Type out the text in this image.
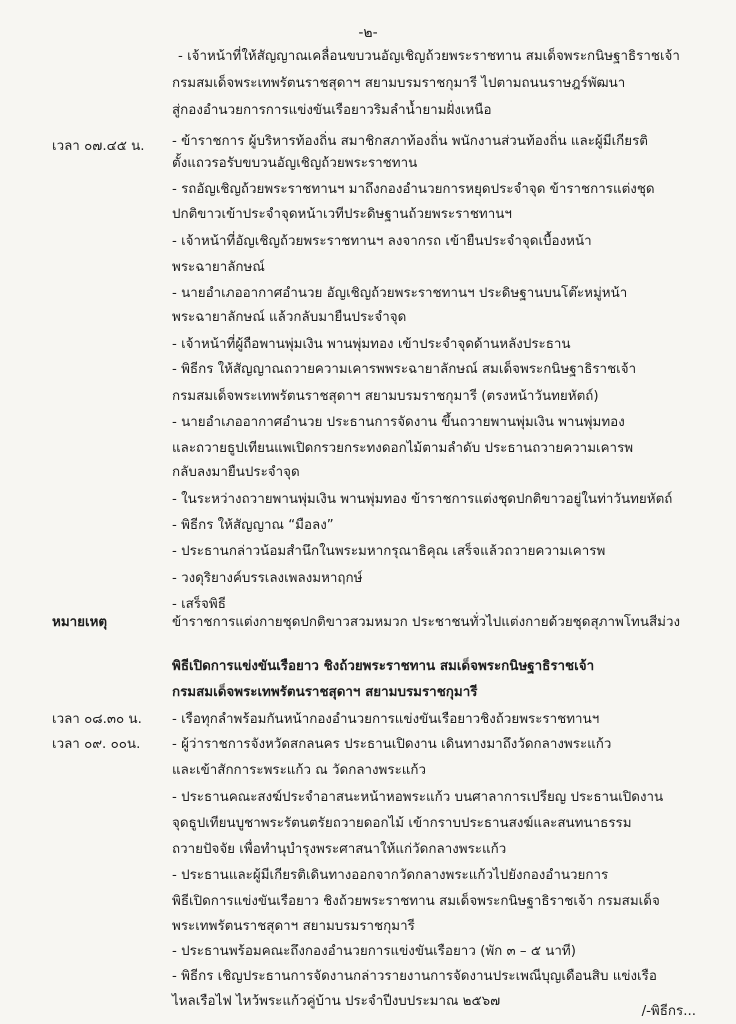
-๒-
- เจ้าหน้าที่ให้สัญญาณเคลื่อนขบวนอัญเชิญถ้วยพระราชทาน สมเด็จพระกนิษฐาธิราชเจ้า
กรมสมเด็จพระเทพรัตนราชสุดาฯ สยามบรมราชกุมารี ไปตามถนนราษฎร์พัฒนา
สู่กองอำนวยการการแข่งขันเรือยาวริมลำน้ำยามฝั่งเหนือ
เวลา ๐๗.๔๕ น. - ข้าราชการ ผู้บริหารท้องถิ่น สมาชิกสภาท้องถิ่น พนักงานส่วนท้องถิ่น และผู้มีเกียรติ
ตั้งแถวรอรับขบวนอัญเชิญถ้วยพระราชทาน
- รถอัญเชิญถ้วยพระราชทานฯ มาถึงกองอำนวยการหยุดประจำจุด ข้าราชการแต่งชุด
ปกติขาวเข้าประจำจุดหน้าเวทีประดิษฐานถ้วยพระราชทานฯ
- เจ้าหน้าที่อัญเชิญถ้วยพระราชทานฯ ลงจากรถ เข้ายืนประจำจุดเบื้องหน้า
พระฉายาลักษณ์
- นายอำเภออากาศอำนวย อัญเชิญถ้วยพระราชทานฯ ประดิษฐานบนโต๊ะหมู่หน้า
พระฉายาลักษณ์ แล้วกลับมายืนประจำจุด
- เจ้าหน้าที่ผู้ถือพานพุ่มเงิน พานพุ่มทอง เข้าประจำจุดด้านหลังประธาน
- พิธีกร ให้สัญญาณถวายความเคารพพระฉายาลักษณ์ สมเด็จพระกนิษฐาธิราชเจ้า
กรมสมเด็จพระเทพรัตนราชสุดาฯ สยามบรมราชกุมารี (ตรงหน้าวันทยหัตถ์)
- นายอำเภออากาศอำนวย ประธานการจัดงาน ขึ้นถวายพานพุ่มเงิน พานพุ่มทอง
และถวายธูปเทียนแพเปิดกรวยกระทงดอกไม้ตามลำดับ ประธานถวายความเคารพ
กลับลงมายืนประจำจุด
- ในระหว่างถวายพานพุ่มเงิน พานพุ่มทอง ข้าราชการแต่งชุดปกติขาวอยู่ในท่าวันทยหัตถ์
- พิธีกร ให้สัญญาณ “มือลง”
- ประธานกล่าวน้อมสำนึกในพระมหากรุณาธิคุณ เสร็จแล้วถวายความเคารพ
- วงดุริยางค์บรรเลงเพลงมหาฤกษ์
- เสร็จพิธี
หมายเหตุ	ข้าราชการแต่งกายชุดปกติขาวสวมหมวก ประชาชนทั่วไปแต่งกายด้วยชุดสุภาพโทนสีม่วง
พิธีเปิดการแข่งขันเรือยาว ชิงถ้วยพระราชทาน สมเด็จพระกนิษฐาธิราชเจ้า
กรมสมเด็จพระเทพรัตนราชสุดาฯ สยามบรมราชกุมารี
เวลา ๐๘.๓๐ น.
เวลา ๐๙. ๐๐น.
- เรือทุกลำพร้อมกันหน้ากองอำนวยการแข่งขันเรือยาวชิงถ้วยพระราชทานฯ
- ผู้ว่าราชการจังหวัดสกลนคร ประธานเปิดงาน เดินทางมาถึงวัดกลางพระแก้ว
และเข้าสักการะพระแก้ว ณ วัดกลางพระแก้ว
- ประธานคณะสงฆ์ประจำอาสนะหน้าหอพระแก้ว บนศาลาการเปรียญ ประธานเปิดงาน
จุดธูปเทียนบูชาพระรัตนตรัยถวายดอกไม้ เข้ากราบประธานสงฆ์และสนทนาธรรม
ถวายปัจจัย เพื่อทำนุบำรุงพระศาสนาให้แก่วัดกลางพระแก้ว
- ประธานและผู้มีเกียรติเดินทางออกจากวัดกลางพระแก้วไปยังกองอำนวยการ
พิธีเปิดการแข่งขันเรือยาว ชิงถ้วยพระราชทาน สมเด็จพระกนิษฐาธิราชเจ้า กรมสมเด็จ
พระเทพรัตนราชสุดาฯ สยามบรมราชกุมารี
- ประธานพร้อมคณะถึงกองอำนวยการแข่งขันเรือยาว (พัก ๓ – ๕ นาที)
- พิธีกร เชิญประธานการจัดงานกล่าวรายงานการจัดงานประเพณีบุญเดือนสิบ แข่งเรือ
ไหลเรือไฟ ไหว้พระแก้วคู่บ้าน ประจำปีงบประมาณ ๒๕๖๗
/-พิธีกร...
